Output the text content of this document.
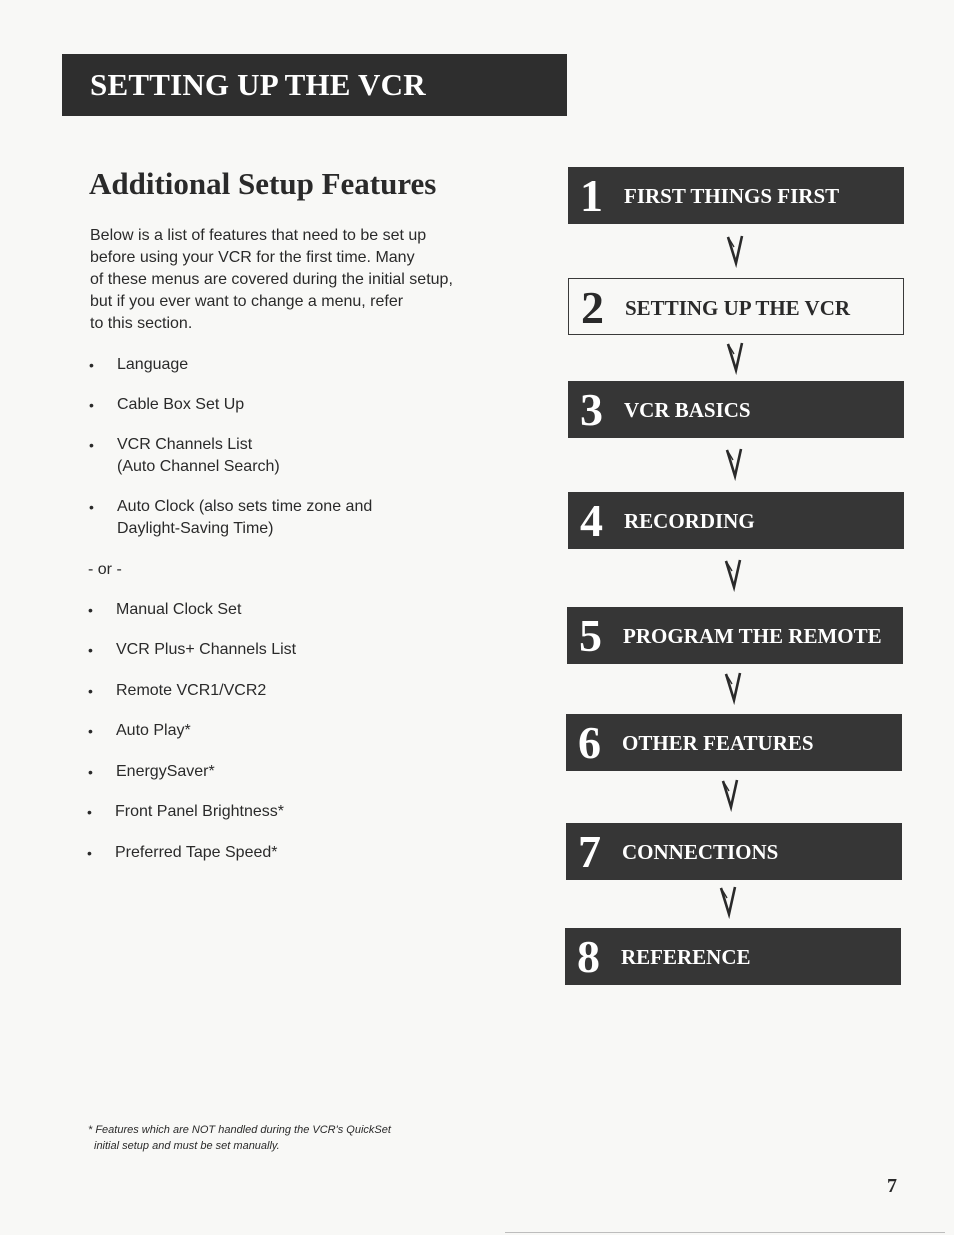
SETTING UP THE VCR
Additional Setup Features
Below is a list of features that need to be set up
before using your VCR for the first time. Many
of these menus are covered during the initial setup,
but if you ever want to change a menu, refer
to this section.
• Language
• Cable Box Set Up
• VCR Channels List
(Auto Channel Search)
• Auto Clock (also sets time zone and
Daylight-Saving Time)
- or -
• Manual Clock Set
• VCR Plus+ Channels List
• Remote VCR1/VCR2
• Auto Play*
• EnergySaver*
• Front Panel Brightness*
• Preferred Tape Speed*
1 FIRST THINGS FIRST
2 SETTING UP THE VCR
3 VCR BASICS
4 RECORDING
5 PROGRAM THE REMOTE
6 OTHER FEATURES
7 CONNECTIONS
8 REFERENCE
* Features which are NOT handled during the VCR's QuickSet
initial setup and must be set manually.
7
